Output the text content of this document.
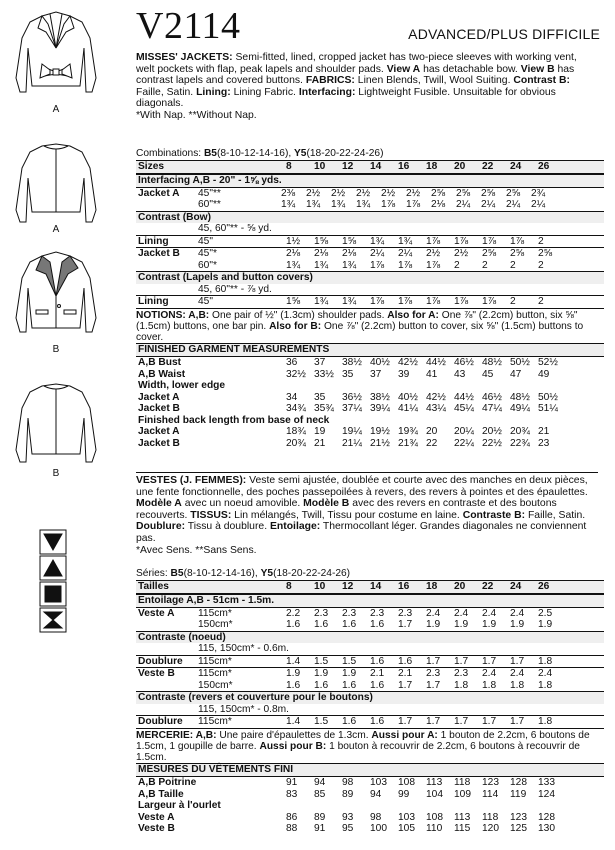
A
A
B
B
V2114	ADVANCED/PLUS DIFFICILE
MISSES' JACKETS: Semi-fitted, lined, cropped jacket has two-piece sleeves with working vent, welt pockets with flap, peak lapels and shoulder pads. View A has detachable bow. View B has contrast lapels and covered buttons. FABRICS: Linen Blends, Twill, Wool Suiting. Contrast B: Faille, Satin. Lining: Lining Fabric. Interfacing: Lightweight Fusible. Unsuitable for obvious diagonals.
*With Nap. **Without Nap.
Combinations: B5(8-10-12-14-16), Y5(18-20-22-24-26)
Sizes	8	10	12	14	16	18	20	22	24	26
Interfacing A,B - 20" - 1⅝ yds.
Jacket A 45"**	2⅜	2½	2½	2½	2½	2½	2⅝	2⅝	2⅝	2⅝	2¾
60"**	1¾	1¾	1¾	1¾	1⅞	1⅞	2⅛	2¼	2¼	2¼	2¼
Contrast (Bow)
45, 60"** - ⅝ yd.
Lining	45"	1½	1⅝	1⅝	1¾	1¾	1⅞	1⅞	1⅞	1⅞	2
Jacket B 45"*	2⅛	2⅛	2⅛	2¼	2¼	2½	2½	2⅝	2⅝	2⅝
60"*	1¾	1¾	1¾	1⅞	1⅞	1⅞	2	2	2	2
Contrast (Lapels and button covers)
45, 60"** - ⅞ yd.
Lining	45"	1⅝	1¾	1¾	1⅞	1⅞	1⅞	1⅞	1⅞	2	2
NOTIONS: A,B: One pair of ½" (1.3cm) shoulder pads. Also for A: One ⅞" (2.2cm) button, six ⅝" (1.5cm) buttons, one bar pin. Also for B: One ⅞" (2.2cm) button to cover, six ⅝" (1.5cm) buttons to cover.
FINISHED GARMENT MEASUREMENTS
A,B Bust	36	37	38½ 40½ 42½ 44½ 46½ 48½ 50½ 52½
A,B Waist	32½ 33½ 35	37	39	41	43	45	47	49
Width, lower edge
Jacket A	34	35	36½ 38½ 40½ 42½ 44½ 46½ 48½ 50½
Jacket B	34¾ 35¾ 37¼ 39¼ 41¼ 43¼ 45¼ 47¼ 49¼ 51¼
Finished back length from base of neck
Jacket A	18¾ 19	19¼ 19½ 19¾ 20	20¼ 20½ 20¾ 21
Jacket B	20¾ 21	21¼ 21½ 21¾ 22	22¼ 22½ 22¾ 23
VESTES (J. FEMMES): Veste semi ajustée, doublée et courte avec des manches en deux pièces, une fente fonctionnelle, des poches passepoilées à revers, des revers à pointes et des épaulettes. Modèle A avec un noeud amovible. Modèle B avec des revers en contraste et des boutons recouverts. TISSUS: Lin mélangés, Twill, Tissu pour costume en laine. Contraste B: Faille, Satin. Doublure: Tissu à doublure. Entoilage: Thermocollant léger. Grandes diagonales ne conviennent pas.
*Avec Sens. **Sans Sens.
Séries: B5(8-10-12-14-16), Y5(18-20-22-24-26)
Tailles	8	10	12	14	16	18	20	22	24	26
Entoilage A,B - 51cm - 1.5m.
Veste A 115cm*	2.2	2.3	2.3	2.3	2.3	2.4	2.4	2.4	2.4	2.5
150cm*	1.6	1.6	1.6	1.6	1.7	1.9	1.9	1.9	1.9	1.9
Contraste (noeud)
115, 150cm* - 0.6m.
Doublure 115cm*	1.4	1.5	1.5	1.6	1.6	1.7	1.7	1.7	1.7	1.8
Veste B 115cm*	1.9	1.9	1.9	2.1	2.1	2.3	2.3	2.4	2.4	2.4
150cm*	1.6	1.6	1.6	1.6	1.7	1.7	1.8	1.8	1.8	1.8
Contraste (revers et couverture pour le boutons)
115, 150cm* - 0.8m.
Doublure 115cm*	1.4	1.5	1.6	1.6	1.7	1.7	1.7	1.7	1.7	1.8
MERCERIE: A,B: Une paire d'épaulettes de 1.3cm. Aussi pour A: 1 bouton de 2.2cm, 6 boutons de 1.5cm, 1 goupille de barre. Aussi pour B: 1 bouton à recouvrir de 2.2cm, 6 boutons à recouvrir de 1.5cm.
MESURES DU VÊTEMENTS FINI
A,B Poitrine	91	94	98	103	108	113	118	123	128	133
A,B Taille	83	85	89	94	99	104	109	114	119	124
Largeur à l'ourlet
Veste A	86	89	93	98	103	108	113	118	123	128
Veste B	88	91	95	100	105	110	115	120	125	130
